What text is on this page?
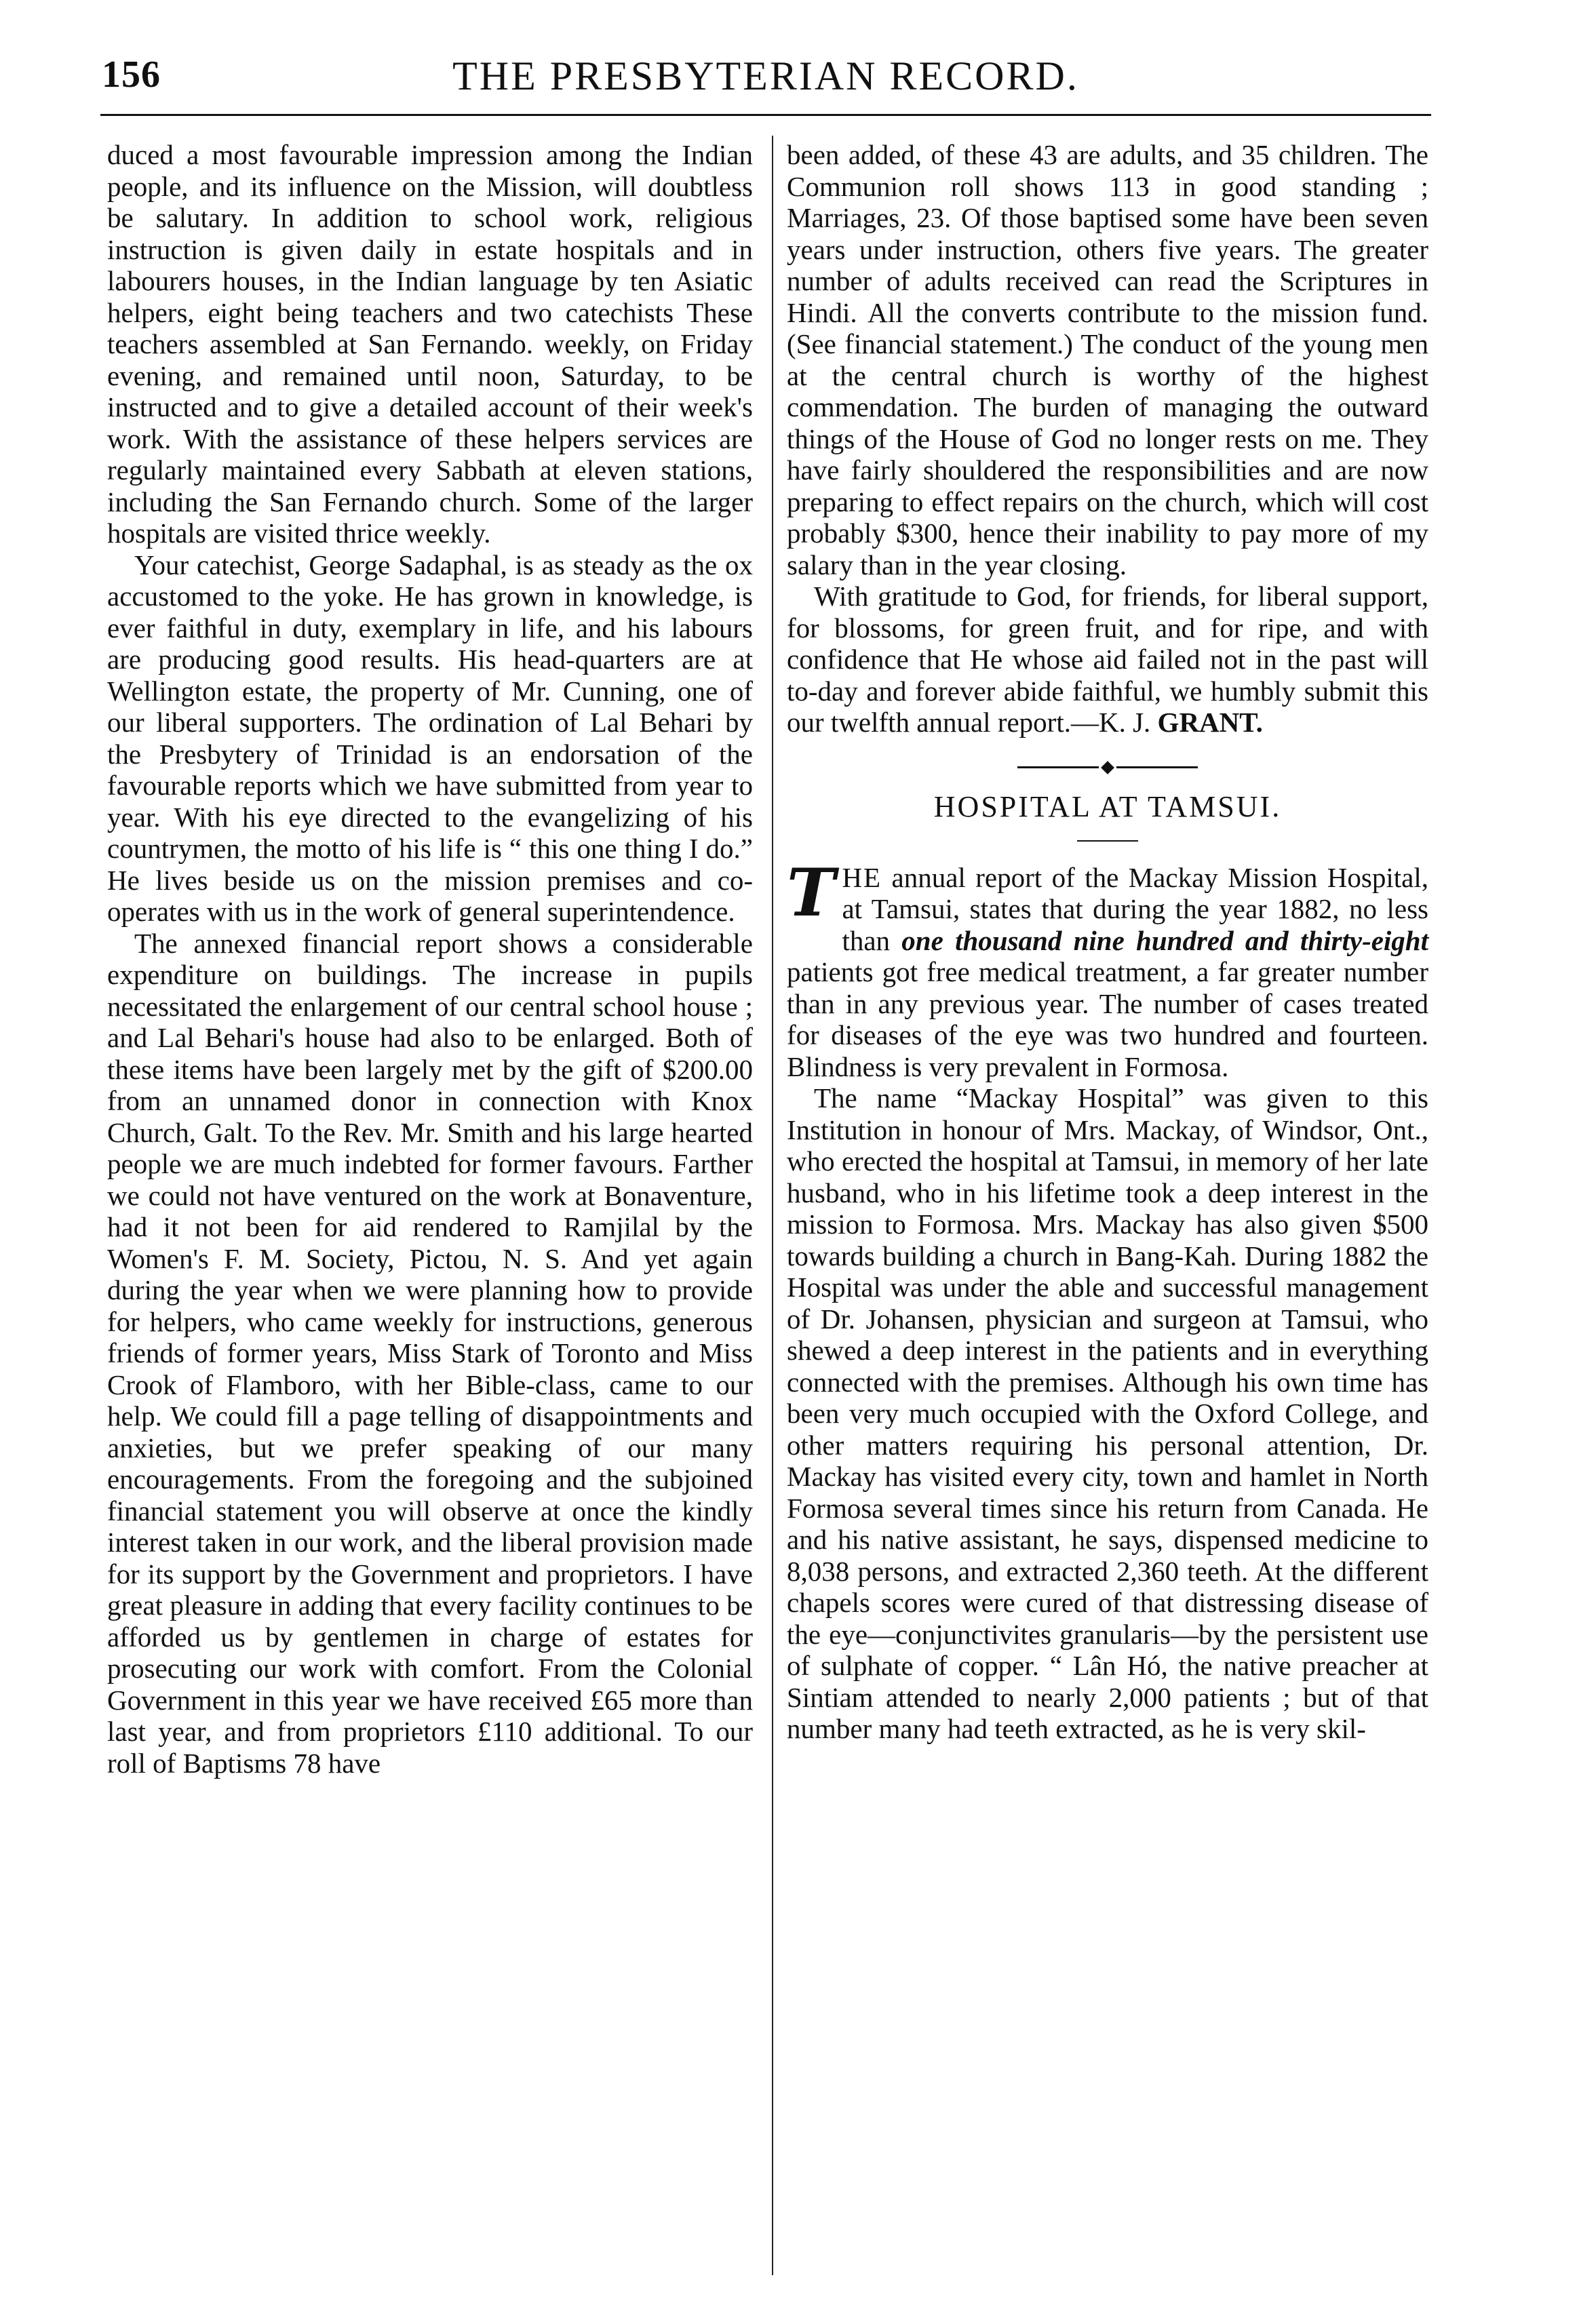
156	THE PRESBYTERIAN RECORD.

duced a most favourable impression among the Indian people, and its influence on the Mission, will doubtless be salutary. In addition to school work, religious instruction is given daily in estate hospitals and in labourers houses, in the Indian language by ten Asiatic helpers, eight being teachers and two catechists These teachers assembled at San Fernando. weekly, on Friday evening, and remained until noon, Saturday, to be instructed and to give a detailed account of their week's work. With the assistance of these helpers services are regularly maintained every Sabbath at eleven stations, including the San Fernando church. Some of the larger hospitals are visited thrice weekly.

Your catechist, George Sadaphal, is as steady as the ox accustomed to the yoke. He has grown in knowledge, is ever faithful in duty, exemplary in life, and his labours are producing good results. His head-quarters are at Wellington estate, the property of Mr. Cunning, one of our liberal supporters. The ordination of Lal Behari by the Presbytery of Trinidad is an endorsation of the favourable reports which we have submitted from year to year. With his eye directed to the evangelizing of his countrymen, the motto of his life is “ this one thing I do.” He lives beside us on the mission premises and co-operates with us in the work of general superintendence.

The annexed financial report shows a considerable expenditure on buildings. The increase in pupils necessitated the enlargement of our central school house ; and Lal Behari's house had also to be enlarged. Both of these items have been largely met by the gift of $200.00 from an unnamed donor in connection with Knox Church, Galt. To the Rev. Mr. Smith and his large hearted people we are much indebted for former favours. Farther we could not have ventured on the work at Bonaventure, had it not been for aid rendered to Ramjilal by the Women's F. M. Society, Pictou, N. S. And yet again during the year when we were planning how to provide for helpers, who came weekly for instructions, generous friends of former years, Miss Stark of Toronto and Miss Crook of Flamboro, with her Bible-class, came to our help. We could fill a page telling of disappointments and anxieties, but we prefer speaking of our many encouragements. From the foregoing and the subjoined financial statement you will observe at once the kindly interest taken in our work, and the liberal provision made for its support by the Government and proprietors. I have great pleasure in adding that every facility continues to be afforded us by gentlemen in charge of estates for prosecuting our work with comfort. From the Colonial Government in this year we have received £65 more than last year, and from proprietors £110 additional. To our roll of Baptisms 78 have

been added, of these 43 are adults, and 35 children. The Communion roll shows 113 in good standing ; Marriages, 23. Of those baptised some have been seven years under instruction, others five years. The greater number of adults received can read the Scriptures in Hindi. All the converts contribute to the mission fund. (See financial statement.) The conduct of the young men at the central church is worthy of the highest commendation. The burden of managing the outward things of the House of God no longer rests on me. They have fairly shouldered the responsibilities and are now preparing to effect repairs on the church, which will cost probably $300, hence their inability to pay more of my salary than in the year closing.

With gratitude to God, for friends, for liberal support, for blossoms, for green fruit, and for ripe, and with confidence that He whose aid failed not in the past will to-day and forever abide faithful, we humbly submit this our twelfth annual report.—K. J. GRANT.

HOSPITAL AT TAMSUI.

THE annual report of the Mackay Mission Hospital, at Tamsui, states that during the year 1882, no less than one thousand nine hundred and thirty-eight patients got free medical treatment, a far greater number than in any previous year. The number of cases treated for diseases of the eye was two hundred and fourteen. Blindness is very prevalent in Formosa.

The name “Mackay Hospital” was given to this Institution in honour of Mrs. Mackay, of Windsor, Ont., who erected the hospital at Tamsui, in memory of her late husband, who in his lifetime took a deep interest in the mission to Formosa. Mrs. Mackay has also given $500 towards building a church in Bang-Kah. During 1882 the Hospital was under the able and successful management of Dr. Johansen, physician and surgeon at Tamsui, who shewed a deep interest in the patients and in everything connected with the premises. Although his own time has been very much occupied with the Oxford College, and other matters requiring his personal attention, Dr. Mackay has visited every city, town and hamlet in North Formosa several times since his return from Canada. He and his native assistant, he says, dispensed medicine to 8,038 persons, and extracted 2,360 teeth. At the different chapels scores were cured of that distressing disease of the eye—conjunctivites granularis—by the persistent use of sulphate of copper. “ Lân Hó, the native preacher at Sintiam attended to nearly 2,000 patients ; but of that number many had teeth extracted, as he is very skil-
